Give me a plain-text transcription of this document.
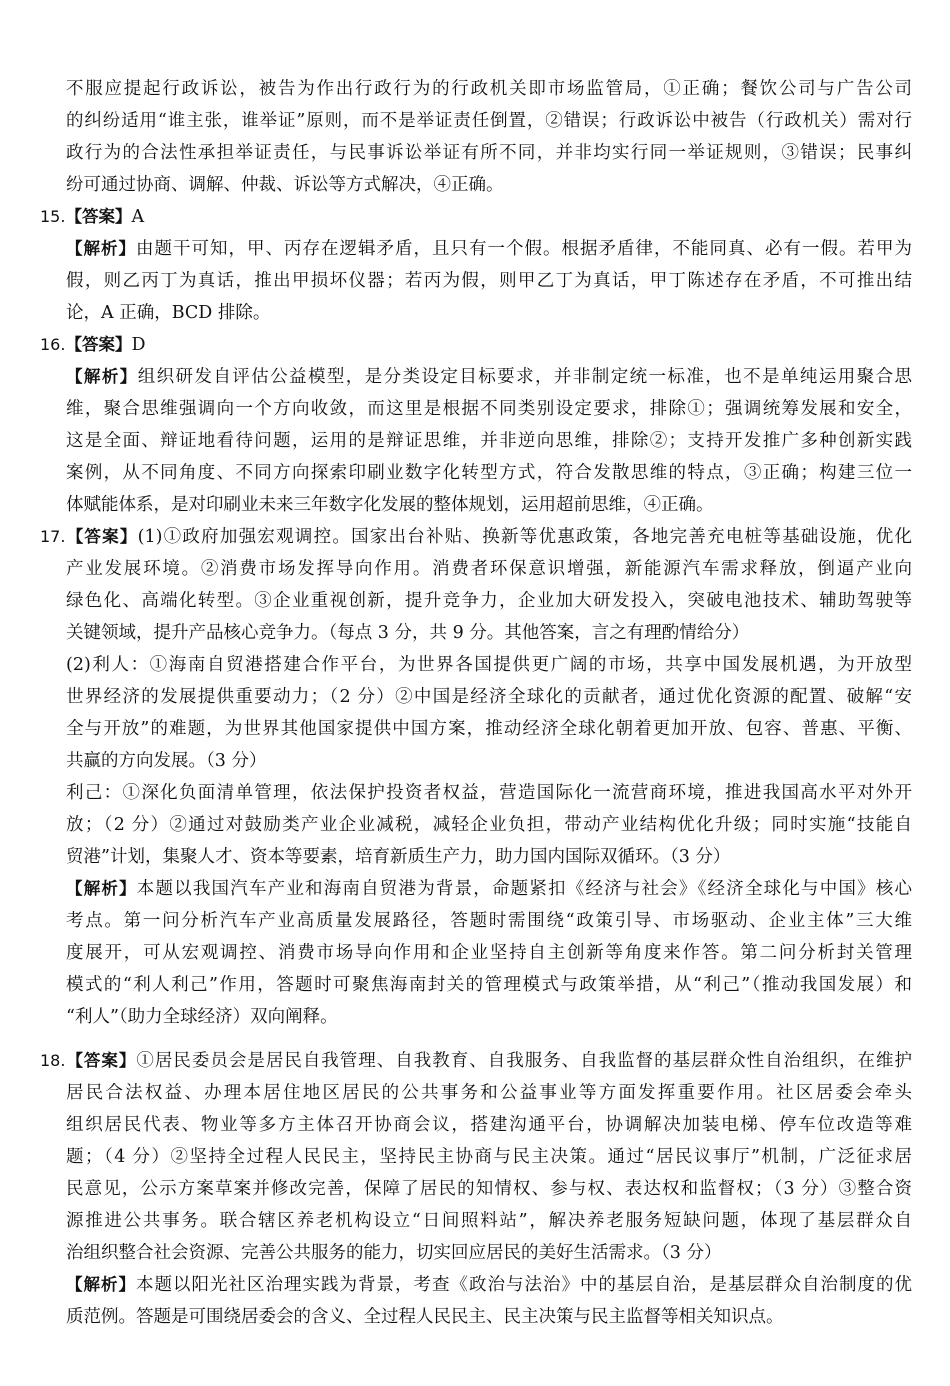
不服应提起行政诉讼，被告为作出行政行为的行政机关即市场监管局，①正确；餐饮公司与广告公司
的纠纷适用“谁主张，谁举证”原则，而不是举证责任倒置，②错误；行政诉讼中被告（行政机关）需对行
政行为的合法性承担举证责任，与民事诉讼举证有所不同，并非均实行同一举证规则，③错误；民事纠
纷可通过协商、调解、仲裁、诉讼等方式解决，④正确。
15.【答案】A
【解析】由题干可知，甲、丙存在逻辑矛盾，且只有一个假。根据矛盾律，不能同真、必有一假。若甲为
假，则乙丙丁为真话，推出甲损坏仪器；若丙为假，则甲乙丁为真话，甲丁陈述存在矛盾，不可推出结
论，A 正确，BCD 排除。
16.【答案】D
【解析】组织研发自评估公益模型，是分类设定目标要求，并非制定统一标准，也不是单纯运用聚合思
维，聚合思维强调向一个方向收敛，而这里是根据不同类别设定要求，排除①；强调统筹发展和安全，
这是全面、辩证地看待问题，运用的是辩证思维，并非逆向思维，排除②；支持开发推广多种创新实践
案例，从不同角度、不同方向探索印刷业数字化转型方式，符合发散思维的特点，③正确；构建三位一
体赋能体系，是对印刷业未来三年数字化发展的整体规划，运用超前思维，④正确。
17.【答案】(1)①政府加强宏观调控。国家出台补贴、换新等优惠政策，各地完善充电桩等基础设施，优化
产业发展环境。②消费市场发挥导向作用。消费者环保意识增强，新能源汽车需求释放，倒逼产业向
绿色化、高端化转型。③企业重视创新，提升竞争力，企业加大研发投入，突破电池技术、辅助驾驶等
关键领域，提升产品核心竞争力。（每点 3 分，共 9 分。其他答案，言之有理酌情给分）
(2)利人：①海南自贸港搭建合作平台，为世界各国提供更广阔的市场，共享中国发展机遇，为开放型
世界经济的发展提供重要动力；（2 分）②中国是经济全球化的贡献者，通过优化资源的配置、破解“安
全与开放”的难题，为世界其他国家提供中国方案，推动经济全球化朝着更加开放、包容、普惠、平衡、
共赢的方向发展。（3 分）
利己：①深化负面清单管理，依法保护投资者权益，营造国际化一流营商环境，推进我国高水平对外开
放；（2 分）②通过对鼓励类产业企业减税，减轻企业负担，带动产业结构优化升级；同时实施“技能自
贸港”计划，集聚人才、资本等要素，培育新质生产力，助力国内国际双循环。（3 分）
【解析】本题以我国汽车产业和海南自贸港为背景，命题紧扣《经济与社会》《经济全球化与中国》核心
考点。第一问分析汽车产业高质量发展路径，答题时需围绕“政策引导、市场驱动、企业主体”三大维
度展开，可从宏观调控、消费市场导向作用和企业坚持自主创新等角度来作答。第二问分析封关管理
模式的“利人利己”作用，答题时可聚焦海南封关的管理模式与政策举措，从“利己”（推动我国发展）和
“利人”（助力全球经济）双向阐释。
18.【答案】①居民委员会是居民自我管理、自我教育、自我服务、自我监督的基层群众性自治组织，在维护
居民合法权益、办理本居住地区居民的公共事务和公益事业等方面发挥重要作用。社区居委会牵头
组织居民代表、物业等多方主体召开协商会议，搭建沟通平台，协调解决加装电梯、停车位改造等难
题；（4 分）②坚持全过程人民民主，坚持民主协商与民主决策。通过“居民议事厅”机制，广泛征求居
民意见，公示方案草案并修改完善，保障了居民的知情权、参与权、表达权和监督权；（3 分）③整合资
源推进公共事务。联合辖区养老机构设立“日间照料站”，解决养老服务短缺问题，体现了基层群众自
治组织整合社会资源、完善公共服务的能力，切实回应居民的美好生活需求。（3 分）
【解析】本题以阳光社区治理实践为背景，考查《政治与法治》中的基层自治，是基层群众自治制度的优
质范例。答题是可围绕居委会的含义、全过程人民民主、民主决策与民主监督等相关知识点。
